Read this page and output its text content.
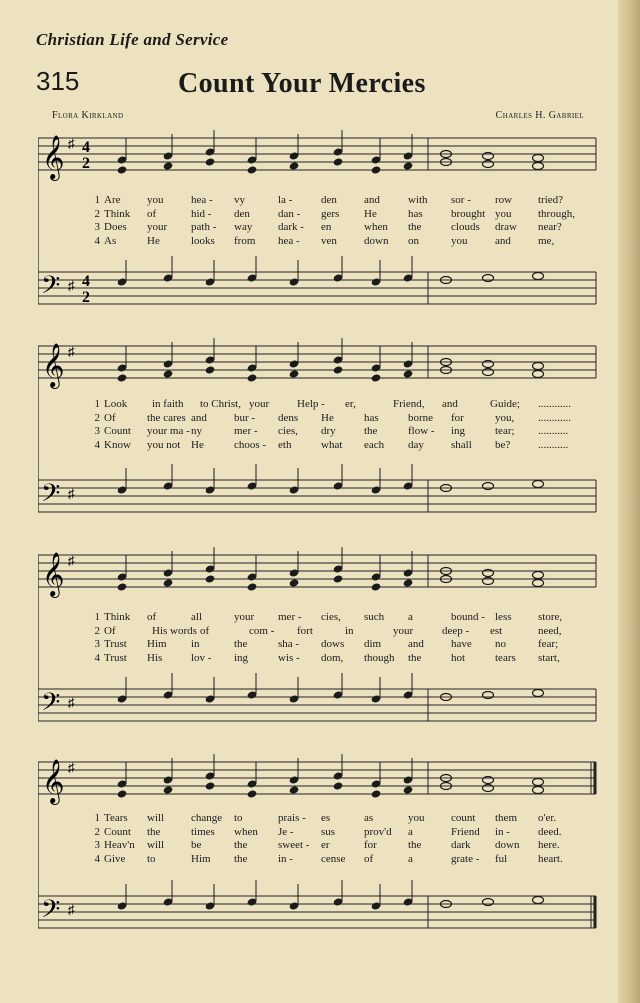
Christian Life and Service
315	Count Your Mercies
Flora Kirkland	Charles H. Gabriel
𝄞 ♯
𝄢 ♯
4
2
4
2
1 Are you	hea - vy	la -	den and	with sor - row tried?
2 Think of	hid - den	dan - gers He	has	brought you through,
3 Does your path - way dark - en	when the	clouds draw near?
4 As	He	looks from hea - ven down on	you	and me,
𝄞 ♯
𝄢 ♯
1 Look in faith to Christ, your	Help - er,	Friend, and	Guide; ............
2 Of	the cares and bur - dens He	has	borne for	you, ............
3 Count your ma - ny	mer - cies, dry	the	flow - ing	tear; ...........
4 Know you not He	choos - eth	what each day shall be?	...........
𝄞 ♯
𝄢 ♯
1 Think of	all	your mer - cies, such a	bound - less store,
2 Of	His words of	com - fort	in	your	deep - est	need,
3 Trust Him in	the	sha - dows dim and have no	fear;
4 Trust His	lov - ing	wis - dom, though the	hot	tears start,
𝄞 ♯
𝄢 ♯
1 Tears will change to	prais - es	as	you count them o'er.
2 Count the	times when Je - sus	prov'd a	Friend in -	deed.
3 Heav'n will be	the	sweet - er	for	the	dark down here.
4 Give to	Him the	in -	cense of	a	grate - ful	heart.
